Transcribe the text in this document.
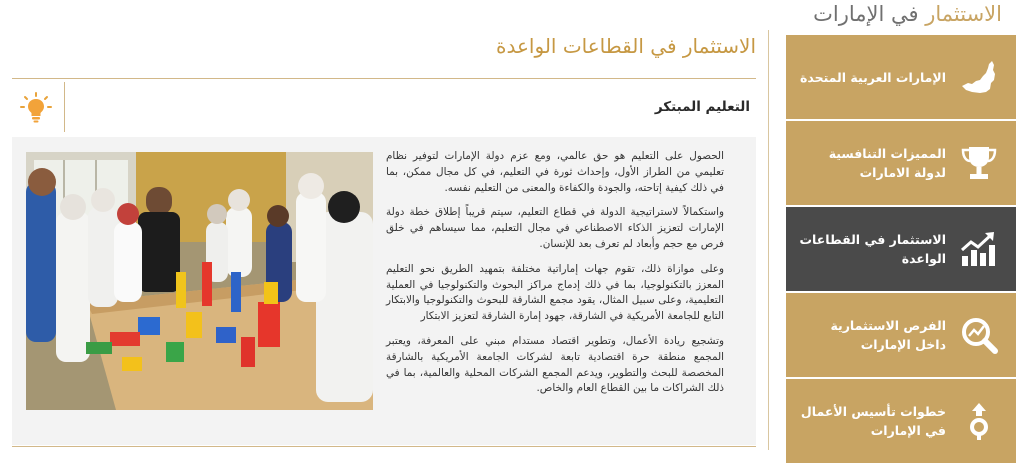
الاستثمار في الإمارات
الإمارات العربية المتحدة
المميزات التنافسية لدولة الامارات
الاستثمار في القطاعات الواعدة
الفرص الاستثمارية داخل الإمارات
خطوات تأسيس الأعمال في الإمارات
الاستثمار في القطاعات الواعدة
التعليم المبتكر

الحصول على التعليم هو حق عالمي، ومع عزم دولة الإمارات لتوفير نظام تعليمي من الطراز الأول، وإحداث ثورة في التعليم، في كل مجال ممكن، بما في ذلك كيفية إتاحته، والجودة والكفاءة والمعنى من التعليم نفسه.

واستكمالاً لاستراتيجية الدولة في قطاع التعليم، سيتم قريباً إطلاق خطة دولة الإمارات لتعزيز الذكاء الاصطناعي في مجال التعليم، مما سيساهم في خلق فرص مع حجم وأبعاد لم تعرف بعد للإنسان.

وعلى موازاة ذلك، تقوم جهات إماراتية مختلفة بتمهيد الطريق نحو التعليم المعزز بالتكنولوجيا، بما في ذلك إدماج مراكز البحوث والتكنولوجيا في العملية التعليمية، وعلى سبيل المثال، يقود مجمع الشارقة للبحوث والتكنولوجيا والابتكار التابع للجامعة الأمريكية في الشارقة، جهود إمارة الشارقة لتعزيز الابتكار

وتشجيع ريادة الأعمال، وتطوير اقتصاد مستدام مبني على المعرفة، ويعتبر المجمع منطقة حرة اقتصادية تابعة لشركات الجامعة الأمريكية بالشارقة المخصصة للبحث والتطوير، ويدعم المجمع الشركات المحلية والعالمية، بما في ذلك الشراكات ما بين القطاع العام والخاص.
